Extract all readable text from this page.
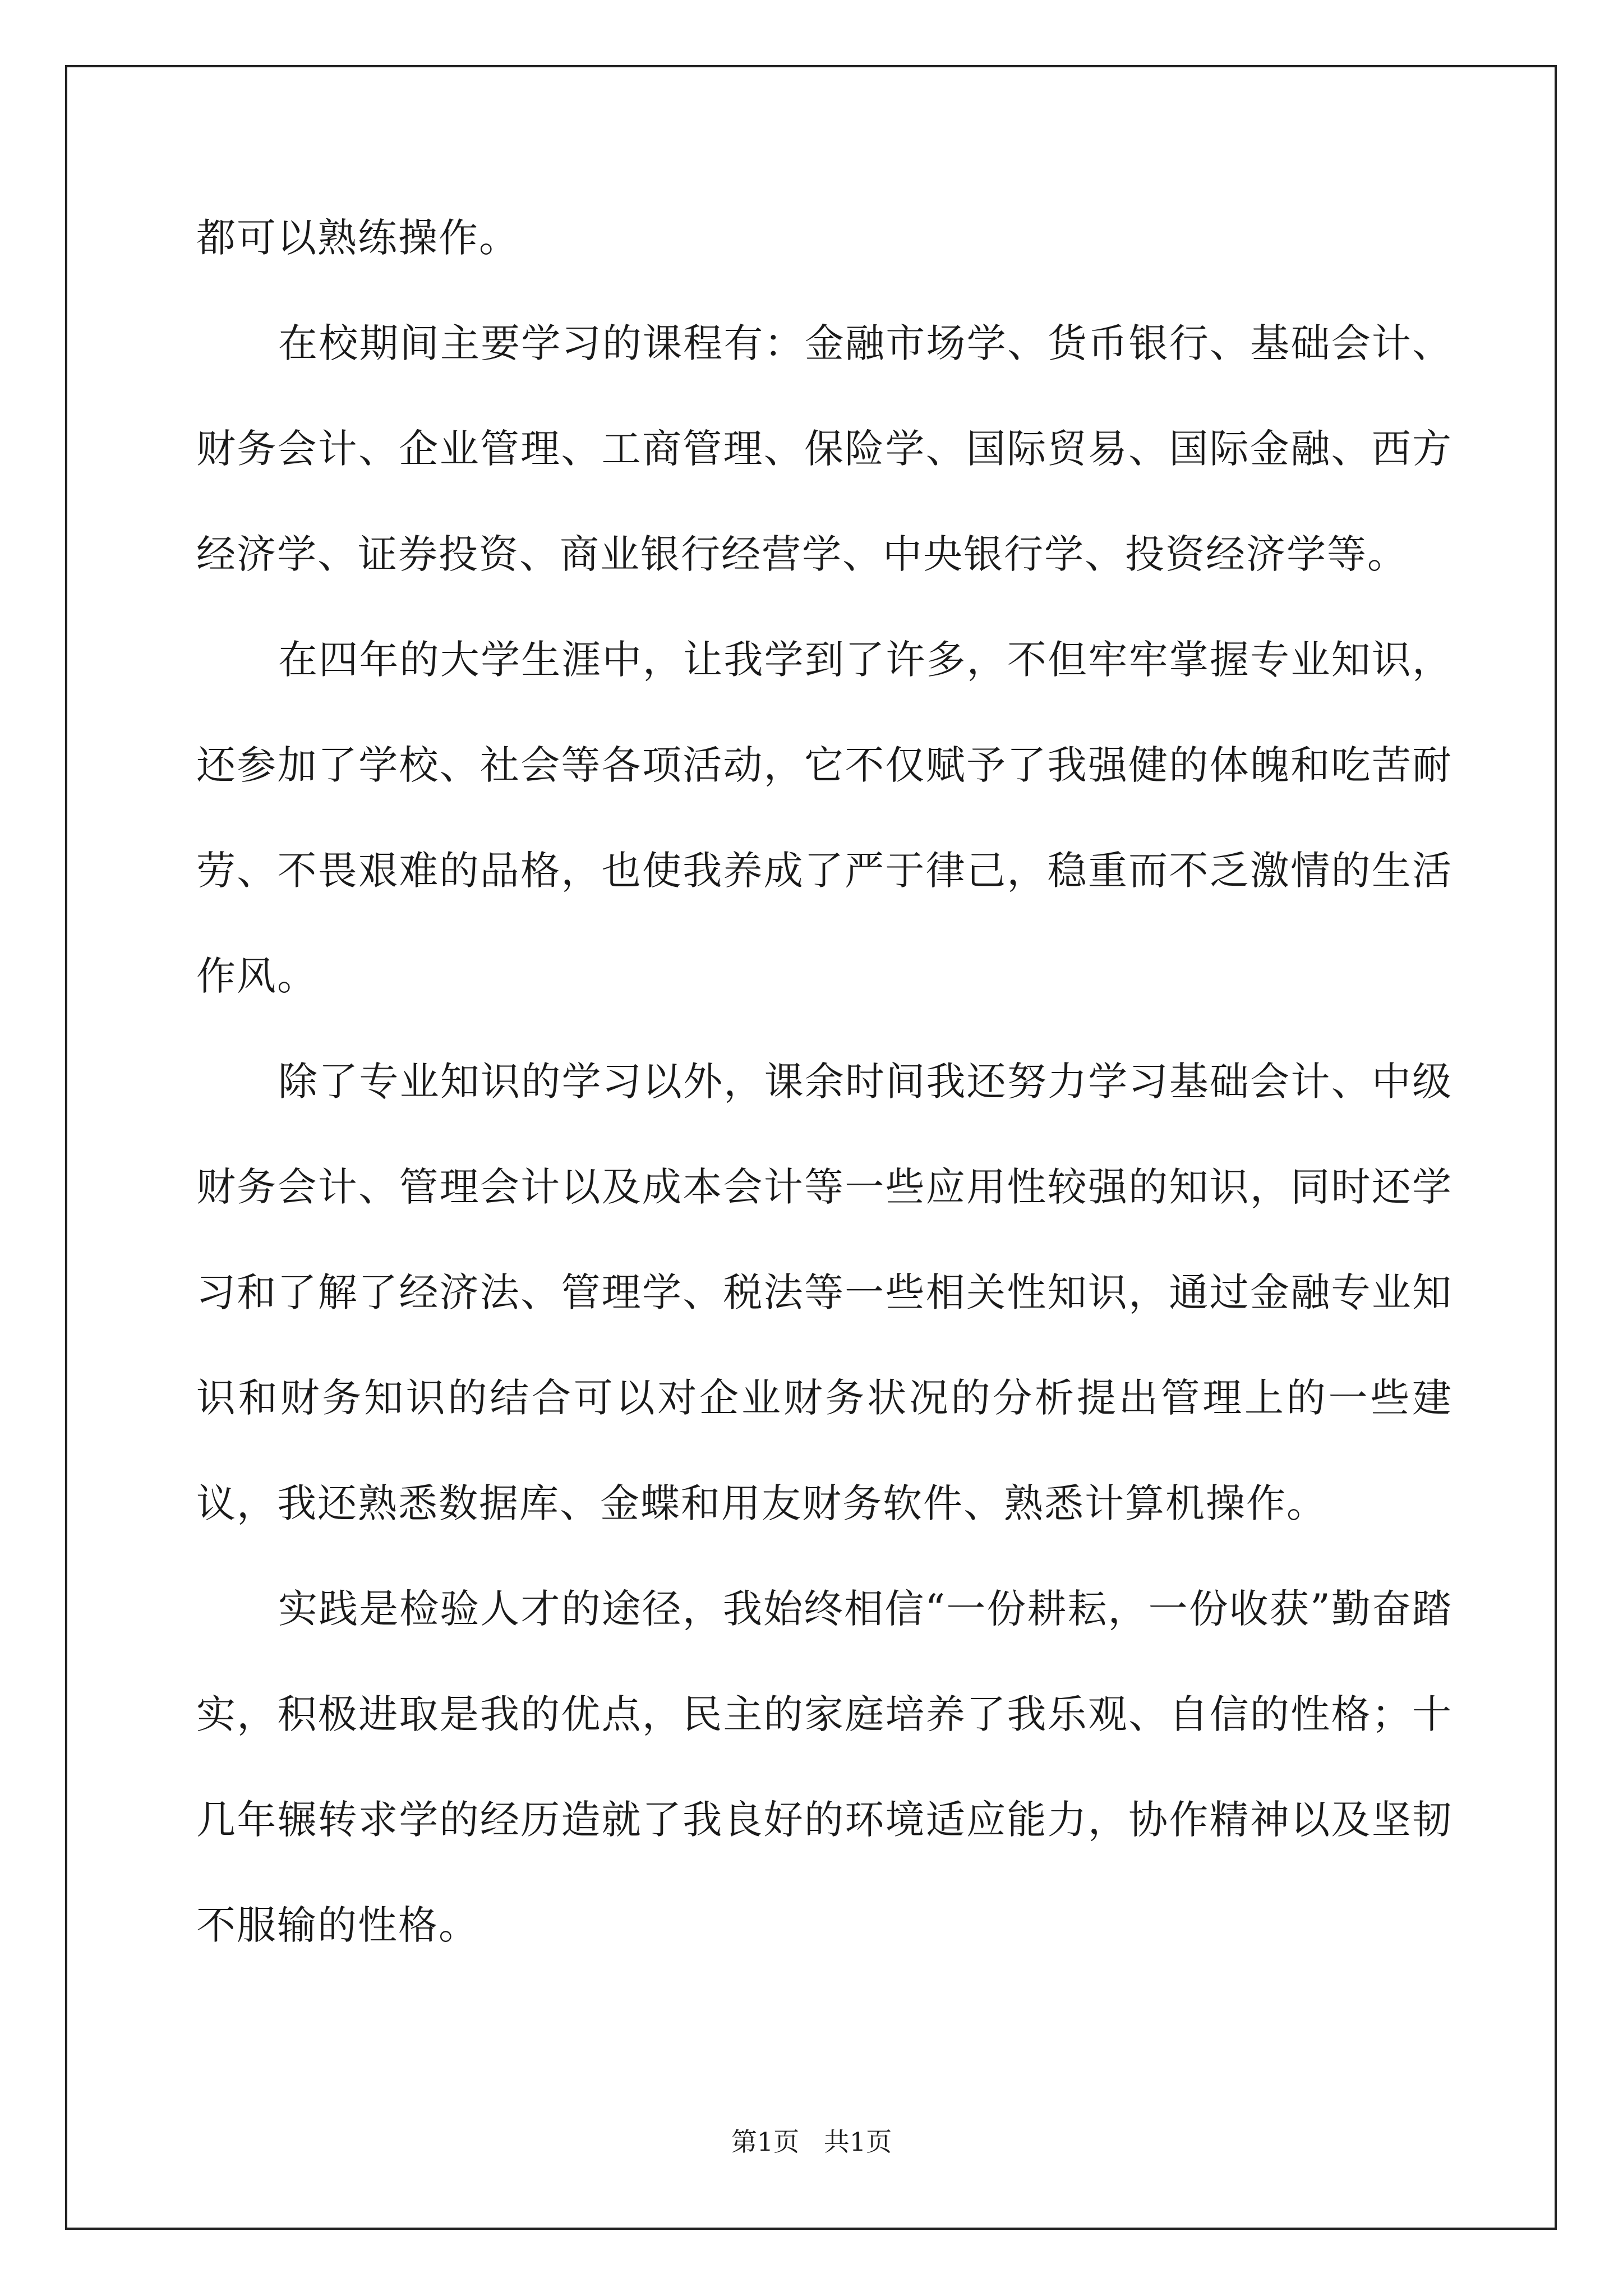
都可以熟练操作。

在校期间主要学习的课程有：金融市场学、货币银行、基础会计、财务会计、企业管理、工商管理、保险学、国际贸易、国际金融、西方经济学、证券投资、商业银行经营学、中央银行学、投资经济学等。

在四年的大学生涯中，让我学到了许多，不但牢牢掌握专业知识，还参加了学校、社会等各项活动，它不仅赋予了我强健的体魄和吃苦耐劳、不畏艰难的品格，也使我养成了严于律己，稳重而不乏激情的生活作风。

除了专业知识的学习以外，课余时间我还努力学习基础会计、中级财务会计、管理会计以及成本会计等一些应用性较强的知识，同时还学习和了解了经济法、管理学、税法等一些相关性知识，通过金融专业知识和财务知识的结合可以对企业财务状况的分析提出管理上的一些建议，我还熟悉数据库、金蝶和用友财务软件、熟悉计算机操作。

实践是检验人才的途径，我始终相信“一份耕耘，一份收获”勤奋踏实，积极进取是我的优点，民主的家庭培养了我乐观、自信的性格；十几年辗转求学的经历造就了我良好的环境适应能力，协作精神以及坚韧不服输的性格。

第1页   共1页
